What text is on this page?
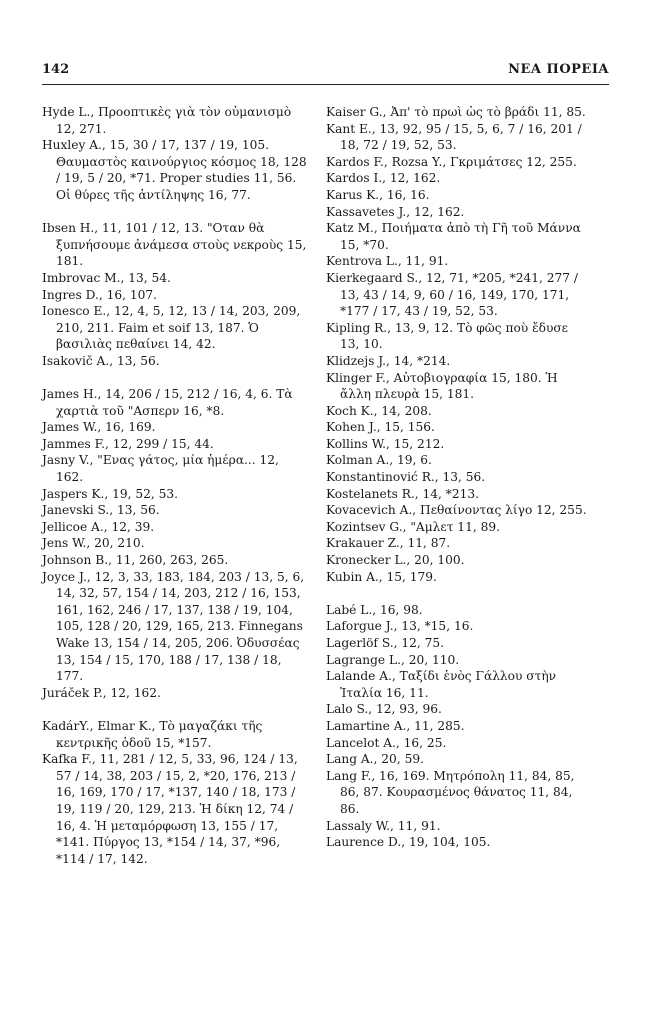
142	ΝΕΑ ΠΟΡΕΙΑ

Hyde L., Προοπτικὲς γιὰ τὸν οὐμανισμὸ 12, 271.

Huxley A., 15, 30 / 17, 137 / 19, 105. Θαυμαστὸς καινούργιος κόσμος 18, 128 / 19, 5 / 20, *71. Proper studies 11, 56. Οἱ θύρες τῆς ἀντίληψης 16, 77.

Ibsen H., 11, 101 / 12, 13. "Οταν θὰ ξυπνήσουμε ἀνάμεσα στοὺς νεκροὺς 15, 181.

Imbrovac M., 13, 54.

Ingres D., 16, 107.

Ionesco E., 12, 4, 5, 12, 13 / 14, 203, 209, 210, 211. Faim et soif 13, 187. Ὁ βασιλιὰς πεθαίνει 14, 42.

Isakovič A., 13, 56.

James H., 14, 206 / 15, 212 / 16, 4, 6. Τὰ χαρτιὰ τοῦ "Ασπερν 16, *8.

James W., 16, 169.

Jammes F., 12, 299 / 15, 44.

Jasny V., "Ενας γάτος, μία ἡμέρα... 12, 162.

Jaspers K., 19, 52, 53.

Janevski S., 13, 56.

Jellicoe A., 12, 39.

Jens W., 20, 210.

Johnson B., 11, 260, 263, 265.

Joyce J., 12, 3, 33, 183, 184, 203 / 13, 5, 6, 14, 32, 57, 154 / 14, 203, 212 / 16, 153, 161, 162, 246 / 17, 137, 138 / 19, 104, 105, 128 / 20, 129, 165, 213. Finnegans Wake 13, 154 / 14, 205, 206. Ὀδυσσέας 13, 154 / 15, 170, 188 / 17, 138 / 18, 177.

Juráček P., 12, 162.

KadárY., Elmar K., Τὸ μαγαζάκι τῆς κεντρικῆς ὁδοῦ 15, *157.

Kafka F., 11, 281 / 12, 5, 33, 96, 124 / 13, 57 / 14, 38, 203 / 15, 2, *20, 176, 213 / 16, 169, 170 / 17, *137, 140 / 18, 173 / 19, 119 / 20, 129, 213. Ἡ δίκη 12, 74 / 16, 4. Ἡ μεταμόρφωση 13, 155 / 17, *141. Πύργος 13, *154 / 14, 37, *96, *114 / 17, 142.

Kaiser G., Ἀπ' τὸ πρωὶ ὡς τὸ βράδι 11, 85.

Kant E., 13, 92, 95 / 15, 5, 6, 7 / 16, 201 / 18, 72 / 19, 52, 53.

Kardos F., Rozsa Y., Γκριμάτσες 12, 255.

Kardos I., 12, 162.

Karus K., 16, 16.

Kassavetes J., 12, 162.

Katz M., Ποιήματα ἀπὸ τὴ Γῆ τοῦ Μάννα 15, *70.

Kentrova L., 11, 91.

Kierkegaard S., 12, 71, *205, *241, 277 / 13, 43 / 14, 9, 60 / 16, 149, 170, 171, *177 / 17, 43 / 19, 52, 53.

Kipling R., 13, 9, 12. Τὸ φῶς ποὺ ἔδυσε 13, 10.

Klidzejs J., 14, *214.

Klinger F., Αὐτοβιογραφία 15, 180. Ἡ ἄλλη πλευρὰ 15, 181.

Koch K., 14, 208.

Kohen J., 15, 156.

Kollins W., 15, 212.

Kolman A., 19, 6.

Konstantinović R., 13, 56.

Kostelanets R., 14, *213.

Kovacevich A., Πεθαίνοντας λίγο 12, 255.

Kozintsev G., "Αμλετ 11, 89.

Krakauer Z., 11, 87.

Kronecker L., 20, 100.

Kubin A., 15, 179.

Labé L., 16, 98.

Laforgue J., 13, *15, 16.

Lagerlöf S., 12, 75.

Lagrange L., 20, 110.

Lalande A., Ταξίδι ἑνὸς Γάλλου στὴν Ἰταλία 16, 11.

Lalo S., 12, 93, 96.

Lamartine A., 11, 285.

Lancelot A., 16, 25.

Lang A., 20, 59.

Lang F., 16, 169. Μητρόπολη 11, 84, 85, 86, 87. Κουρασμένος θάνατος 11, 84, 86.

Lassaly W., 11, 91.

Laurence D., 19, 104, 105.
